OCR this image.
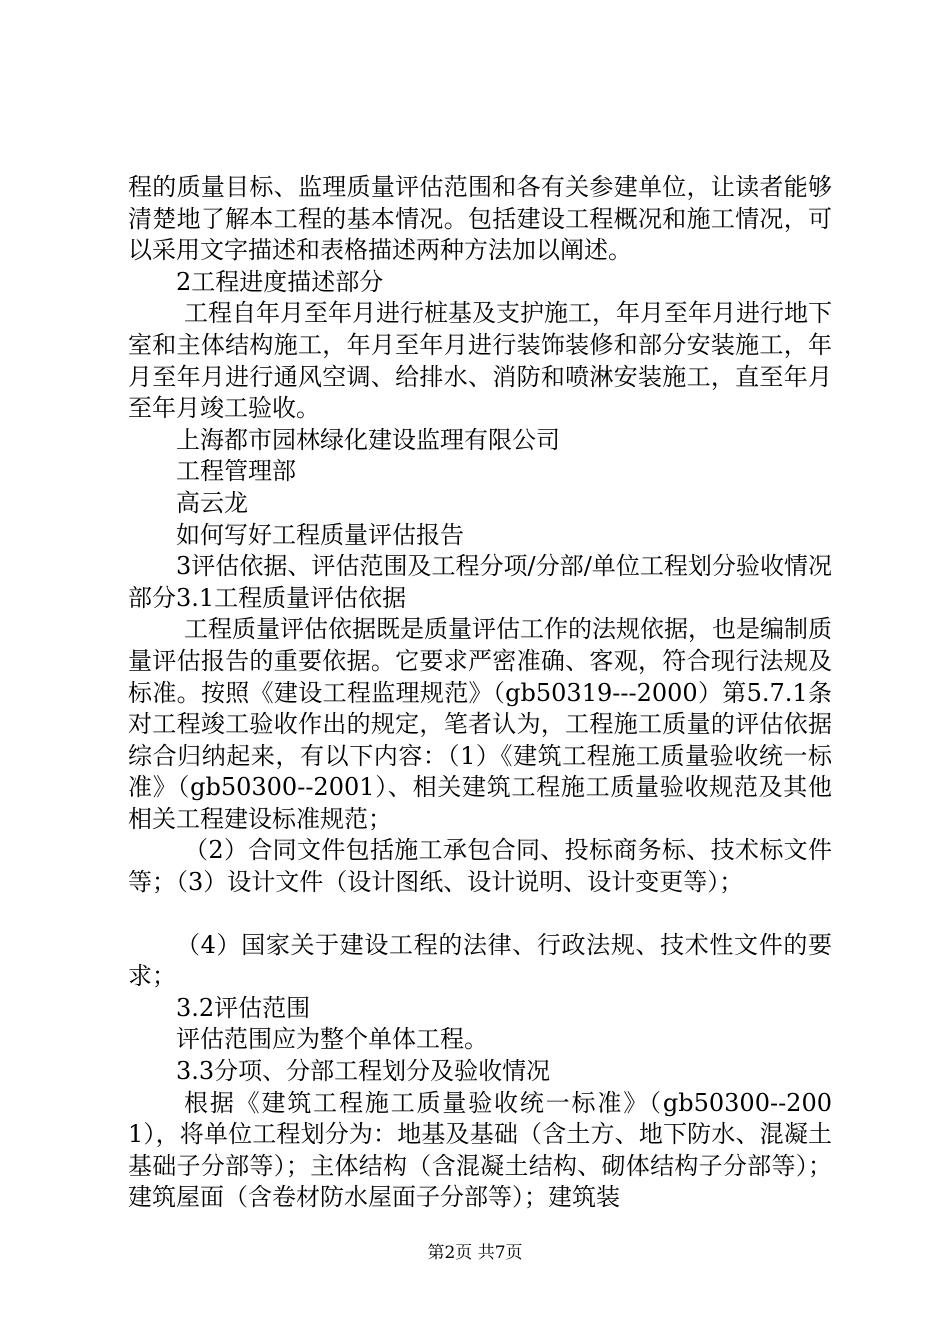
程的质量目标、监理质量评估范围和各有关参建单位，让读者能够清楚地了解本工程的基本情况。包括建设工程概况和施工情况，可以采用文字描述和表格描述两种方法加以阐述。

2工程进度描述部分

工程自年月至年月进行桩基及支护施工，年月至年月进行地下室和主体结构施工，年月至年月进行装饰装修和部分安装施工，年月至年月进行通风空调、给排水、消防和喷淋安装施工，直至年月至年月竣工验收。

上海都市园林绿化建设监理有限公司

工程管理部

高云龙

如何写好工程质量评估报告

3评估依据、评估范围及工程分项/分部/单位工程划分验收情况部分3.1工程质量评估依据

工程质量评估依据既是质量评估工作的法规依据，也是编制质量评估报告的重要依据。它要求严密准确、客观，符合现行法规及标准。按照《建设工程监理规范》（gb50319---2000）第5.7.1条对工程竣工验收作出的规定，笔者认为，工程施工质量的评估依据综合归纳起来，有以下内容：（1）《建筑工程施工质量验收统一标准》（gb50300--2001）、相关建筑工程施工质量验收规范及其他相关工程建设标准规范；

（2）合同文件包括施工承包合同、投标商务标、技术标文件等；（3）设计文件（设计图纸、设计说明、设计变更等）；

（4）国家关于建设工程的法律、行政法规、技术性文件的要求；

3.2评估范围

评估范围应为整个单体工程。

3.3分项、分部工程划分及验收情况

根据《建筑工程施工质量验收统一标准》（gb50300--2001），将单位工程划分为：地基及基础（含土方、地下防水、混凝土基础子分部等）；主体结构（含混凝土结构、砌体结构子分部等）；建筑屋面（含卷材防水屋面子分部等）；建筑装

第2页 共7页
